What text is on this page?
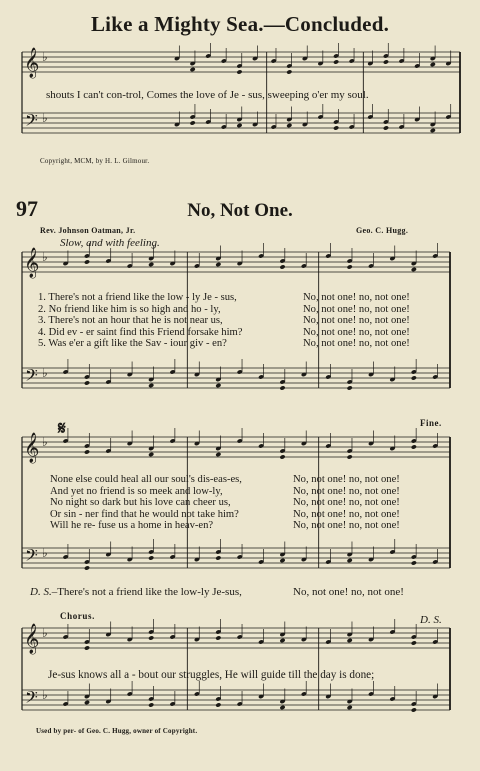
𝄞
𝄢
♭
♭
𝄞
𝄢
♭
♭
𝄞
𝄢
♭
♭
𝄞
𝄢
♭
♭
Like a Mighty Sea.—Concluded.
shouts I can't con-trol, Comes the love of Je - sus, sweeping o'er my soul.
Copyright, MCM, by H. L. Gilmour.
97	No, Not One.
Rev. Johnson Oatman, Jr.	Geo. C. Hugg.
Slow, and with feeling.
1. There's not a friend like the low - ly Je - sus,
2. No friend like him is so high and ho - ly,
3. There's not an hour that he is not near us,
4. Did ev - er saint find this Friend forsake him?
5. Was e'er a gift like the Sav - iour giv - en?
No, not one! no, not one!
No, not one! no, not one!
No, not one! no, not one!
No, not one! no, not one!
No, not one! no, not one!
𝄋	Fine.
None else could heal all our soul's dis-eas-es,
And yet no friend is so meek and low-ly,
No night so dark but his love can cheer us,
Or sin - ner find that he would not take him?
Will he re- fuse us a home in heav-en?
No, not one! no, not one!
No, not one! no, not one!
No, not one! no, not one!
No, not one! no, not one!
No, not one! no, not one!
D. S.–There's not a friend like the low-ly Je-sus,	No, not one! no, not one!
Chorus.	D. S.
Je-sus knows all a - bout our struggles, He will guide till the day is done;
Used by per- of Geo. C. Hugg, owner of Copyright.
